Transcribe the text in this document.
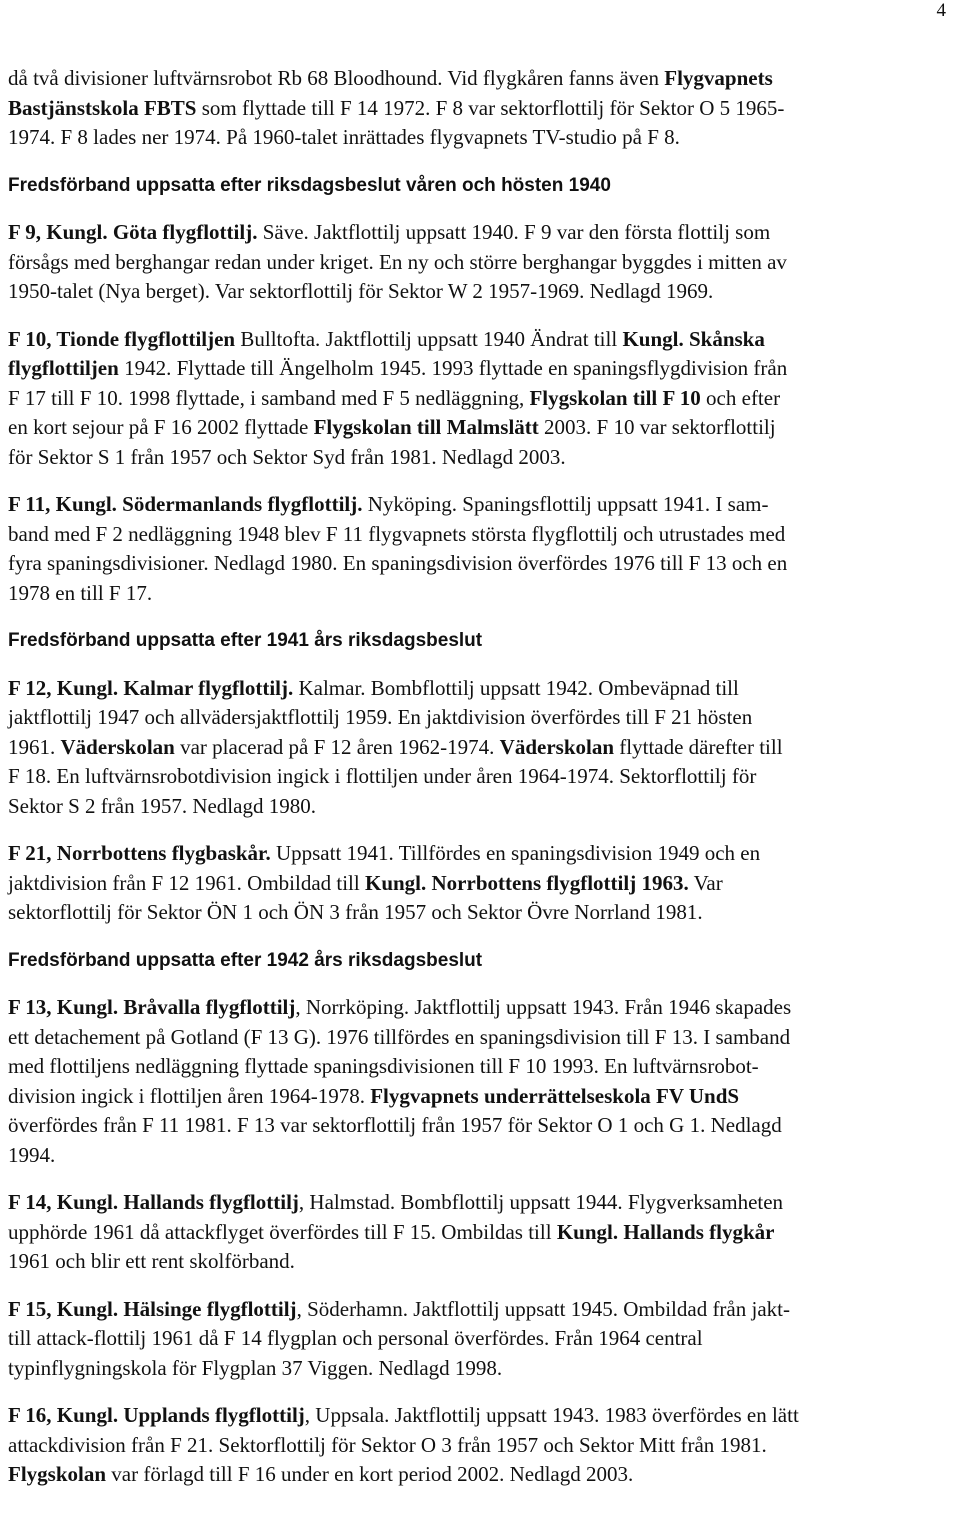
4
då två divisioner luftvärnsrobot Rb 68 Bloodhound. Vid flygkåren fanns även Flygvapnets
Bastjänstskola FBTS som flyttade till F 14 1972. F 8 var sektorflottilj för Sektor O 5 1965-
1974. F 8 lades ner 1974. På 1960-talet inrättades flygvapnets TV-studio på F 8.
Fredsförband uppsatta efter riksdagsbeslut våren och hösten 1940
F 9, Kungl. Göta flygflottilj. Säve. Jaktflottilj uppsatt 1940. F 9 var den första flottilj som
försågs med berghangar redan under kriget. En ny och större berghangar byggdes i mitten av
1950-talet (Nya berget). Var sektorflottilj för Sektor W 2 1957-1969. Nedlagd 1969.
F 10, Tionde flygflottiljen Bulltofta. Jaktflottilj uppsatt 1940 Ändrat till Kungl. Skånska
flygflottiljen 1942. Flyttade till Ängelholm 1945. 1993 flyttade en spaningsflygdivision från
F 17 till F 10. 1998 flyttade, i samband med F 5 nedläggning, Flygskolan till F 10 och efter
en kort sejour på F 16 2002 flyttade Flygskolan till Malmslätt 2003. F 10 var sektorflottilj
för Sektor S 1 från 1957 och Sektor Syd från 1981. Nedlagd 2003.
F 11, Kungl. Södermanlands flygflottilj. Nyköping. Spaningsflottilj uppsatt 1941. I sam-
band med F 2 nedläggning 1948 blev F 11 flygvapnets största flygflottilj och utrustades med
fyra spaningsdivisioner. Nedlagd 1980. En spaningsdivision överfördes 1976 till F 13 och en
1978 en till F 17.
Fredsförband uppsatta efter 1941 års riksdagsbeslut
F 12, Kungl. Kalmar flygflottilj. Kalmar. Bombflottilj uppsatt 1942. Ombeväpnad till
jaktflottilj 1947 och allvädersjaktflottilj 1959. En jaktdivision överfördes till F 21 hösten
1961. Väderskolan var placerad på F 12 åren 1962-1974. Väderskolan flyttade därefter till
F 18. En luftvärnsrobotdivision ingick i flottiljen under åren 1964-1974. Sektorflottilj för
Sektor S 2 från 1957. Nedlagd 1980.
F 21, Norrbottens flygbaskår. Uppsatt 1941. Tillfördes en spaningsdivision 1949 och en
jaktdivision från F 12 1961. Ombildad till Kungl. Norrbottens flygflottilj 1963. Var
sektorflottilj för Sektor ÖN 1 och ÖN 3 från 1957 och Sektor Övre Norrland 1981.
Fredsförband uppsatta efter 1942 års riksdagsbeslut
F 13, Kungl. Bråvalla flygflottilj, Norrköping. Jaktflottilj uppsatt 1943. Från 1946 skapades
ett detachement på Gotland (F 13 G). 1976 tillfördes en spaningsdivision till F 13. I samband
med flottiljens nedläggning flyttade spaningsdivisionen till F 10 1993. En luftvärnsrobot-
division ingick i flottiljen åren 1964-1978. Flygvapnets underrättelseskola FV UndS
överfördes från F 11 1981. F 13 var sektorflottilj från 1957 för Sektor O 1 och G 1. Nedlagd
1994.
F 14, Kungl. Hallands flygflottilj, Halmstad. Bombflottilj uppsatt 1944. Flygverksamheten
upphörde 1961 då attackflyget överfördes till F 15. Ombildas till Kungl. Hallands flygkår
1961 och blir ett rent skolförband.
F 15, Kungl. Hälsinge flygflottilj, Söderhamn. Jaktflottilj uppsatt 1945. Ombildad från jakt-
till attack-flottilj 1961 då F 14 flygplan och personal överfördes. Från 1964 central
typinflygningskola för Flygplan 37 Viggen. Nedlagd 1998.
F 16, Kungl. Upplands flygflottilj, Uppsala. Jaktflottilj uppsatt 1943. 1983 överfördes en lätt
attackdivision från F 21. Sektorflottilj för Sektor O 3 från 1957 och Sektor Mitt från 1981.
Flygskolan var förlagd till F 16 under en kort period 2002. Nedlagd 2003.
